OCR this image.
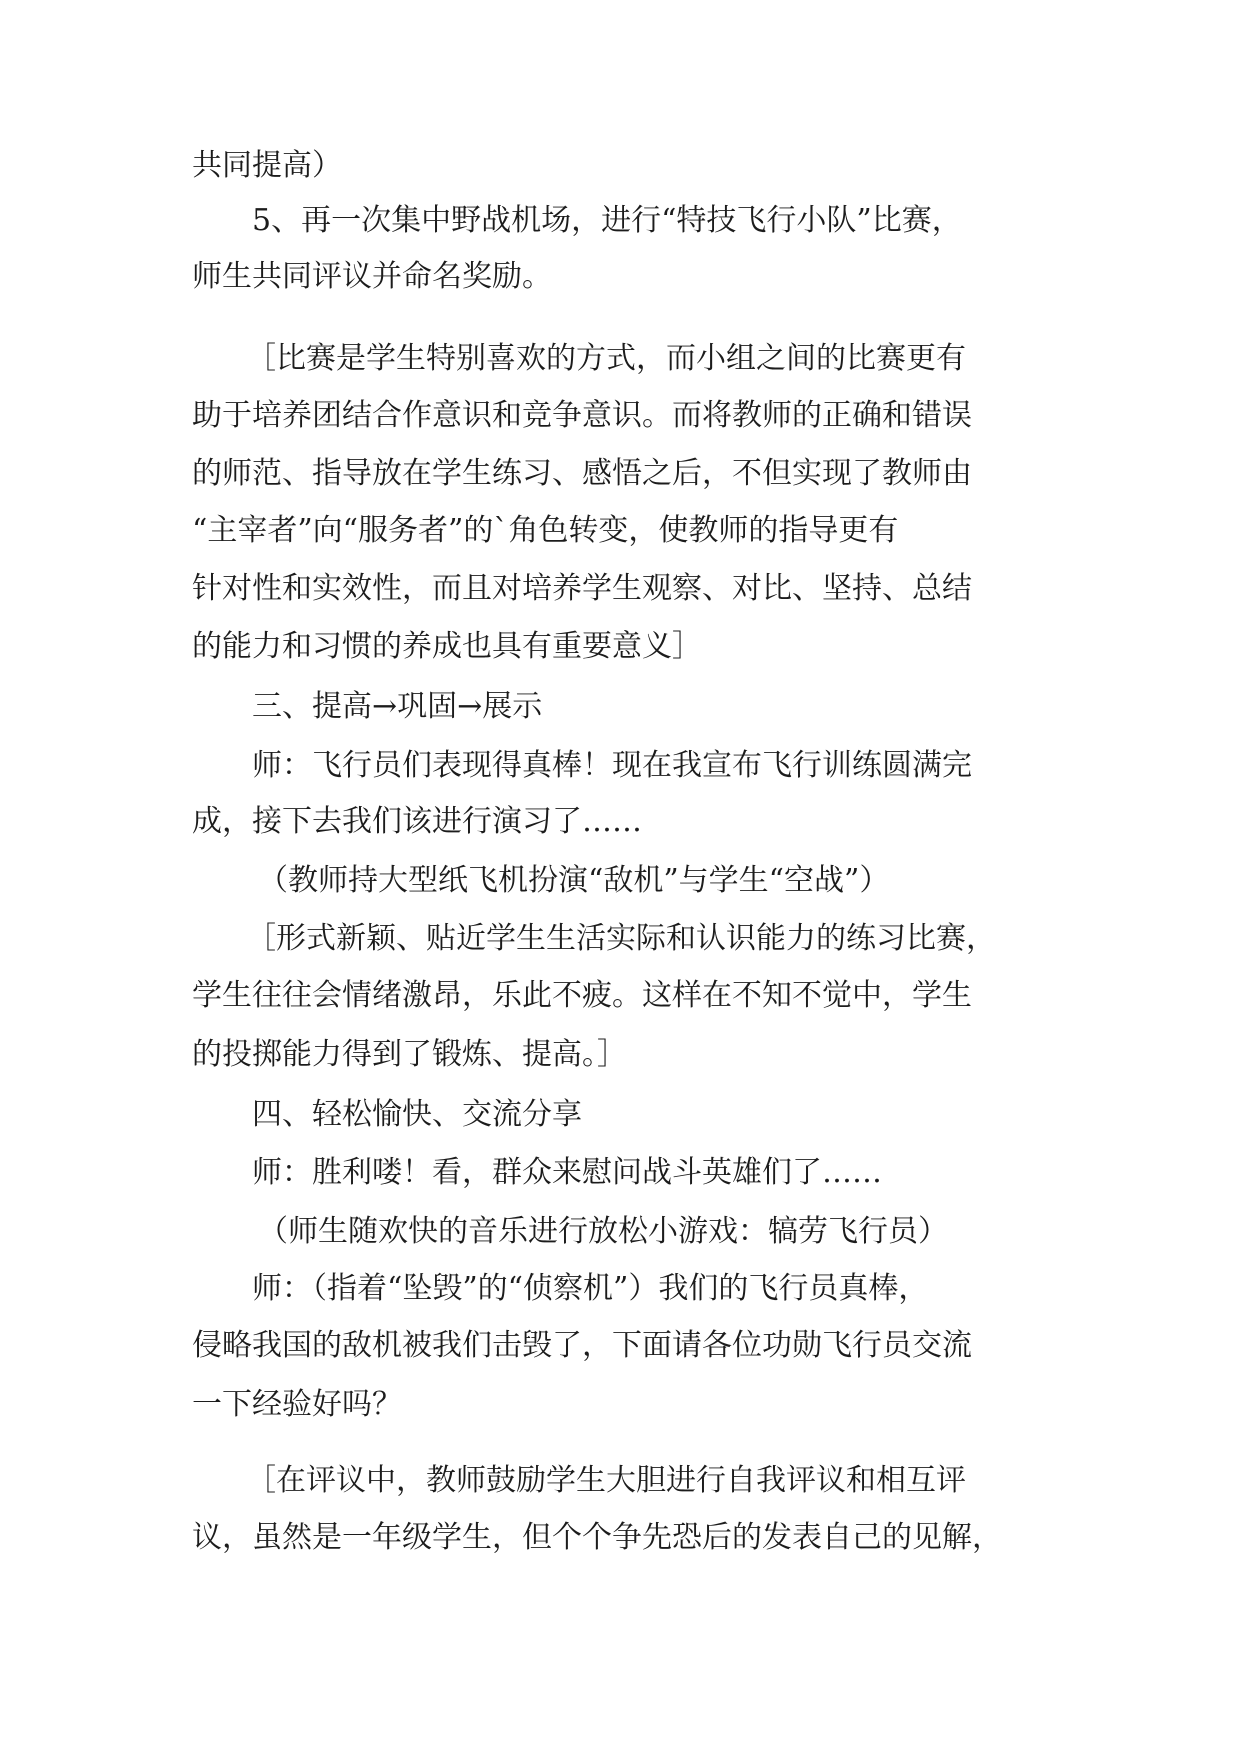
共同提高）
5、再一次集中野战机场，进行“特技飞行小队”比赛，
师生共同评议并命名奖励。
［比赛是学生特别喜欢的方式，而小组之间的比赛更有
助于培养团结合作意识和竞争意识。而将教师的正确和错误
的师范、指导放在学生练习、感悟之后，不但实现了教师由
“主宰者”向“服务者”的`角色转变，使教师的指导更有
针对性和实效性，而且对培养学生观察、对比、坚持、总结
的能力和习惯的养成也具有重要意义］
三、提高→巩固→展示
师：飞行员们表现得真棒！现在我宣布飞行训练圆满完
成，接下去我们该进行演习了……
（教师持大型纸飞机扮演“敌机”与学生“空战”）
［形式新颖、贴近学生生活实际和认识能力的练习比赛，
学生往往会情绪激昂，乐此不疲。这样在不知不觉中，学生
的投掷能力得到了锻炼、提高。］
四、轻松愉快、交流分享
师：胜利喽！看，群众来慰问战斗英雄们了……
（师生随欢快的音乐进行放松小游戏：犒劳飞行员）
师：（指着“坠毁”的“侦察机”）我们的飞行员真棒，
侵略我国的敌机被我们击毁了，下面请各位功勋飞行员交流
一下经验好吗？
［在评议中，教师鼓励学生大胆进行自我评议和相互评
议，虽然是一年级学生，但个个争先恐后的发表自己的见解，
